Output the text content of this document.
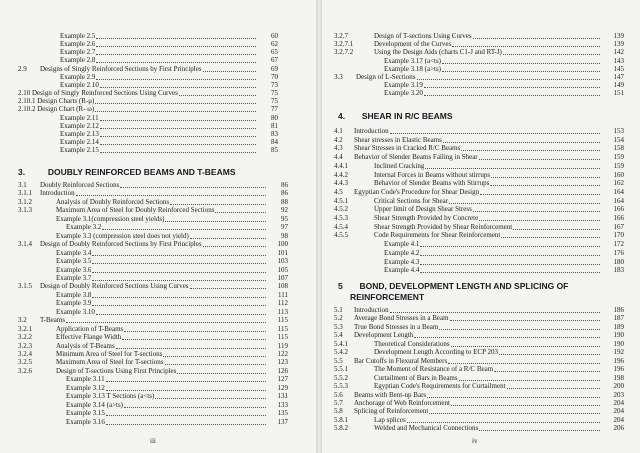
Example 2.5	60
Example 2.6	62
Example 2.7	65
Example 2.8	67
2.9 Designs of Singly Reinforced Sections by First Principles	69
Example 2.9	70
Example 2.10	73
2.10 Design of Singly Reinforced Sections Using Curves	75
2.10.1 Design Charts (R-μ)	75
2.10.2 Design Chart (R- ω)	77
Example 2.11	80
Example 2.12	81
Example 2.13	83
Example 2.14	84
Example 2.15	85
3.	DOUBLY REINFORCED BEAMS AND T-BEAMS
3.1 Doubly Reinforced Sections	86
3.1.1 Introduction	86
3.1.2	Analysis of Doubly Reinforced Sections	88
3.1.3	Maximum Area of Steel for Doubly Reinforced Sections	92
Example 3.1(compression steel yields)	95
Example 3.2	97
Example 3.3 (compression steel does not yield)	98
3.1.4 Design of Doubly Reinforced Sections by First Principles	100
Example 3.4	101
Example 3.5	103
Example 3.6	105
Example 3.7	107
3.1.5 Design of Doubly Reinforced Sections Using Curves	108
Example 3.8	111
Example 3.9	112
Example 3.10	113
3.2 T-Beams	115
3.2.1	Application of T-Beams	115
3.2.2	Effective Flange Width	115
3.2.3	Analysis of T-Beams	119
3.2.4	Minimum Area of Steel for T-sections	122
3.2.5	Maximum Area of Steel for T-sections	123
3.2.6	Design of T-sections Using First Principles	126
Example 3.11	127
Example 3.12	129
Example 3.13 T Sections (a<ts)	131
Example 3.14 (a>ts)	133
Example 3.15	135
Example 3.16	137
iii
3.2.7	Design of T-sections Using Curves	139
3.2.7.1	Development of the Curves	139
3.2.7.2	Using the Design Aids (charts C1-J and RT-J)	142
Example 3.17 (a<ts)	143
Example 3.18 (a>ts)	145
3.3 Design of L-Sections	147
Example 3.19	149
Example 3.20	151
4. SHEAR IN R/C BEAMS
4.1 Introduction	153
4.2 Shear stresses in Elastic Beams	154
4.3 Shear Stresses in Cracked R/C Beams	158
4.4 Behavior of Slender Beams Failing in Shear	159
4.4.1	Inclined Cracking	159
4.4.2	Internal Forces in Beams without stirrups	160
4.4.3	Behavior of Slender Beams with Stirrups	162
4.5 Egyptian Code's Procedure for Shear Design	164
4.5.1	Critical Sections for Shear	164
4.5.2	Upper limit of Design Shear Stress	166
4.5.3	Shear Strength Provided by Concrete	166
4.5.4	Shear Strength Provided by Shear Reinforcement	167
4.5.5	Code Requirements for Shear Reinforcement	170
Example 4.1	172
Example 4.2	176
Example 4.3	180
Example 4.4	183
5 BOND, DEVELOPMENT LENGTH AND SPLICING OF
REINFORCEMENT
5.1 Introduction	186
5.2 Average Bond Stresses in a Beam	187
5.3 True Bond Stresses in a Beam	189
5.4 Development Length	190
5.4.1	Theoretical Considerations	190
5.4.2	Development Length According to ECP 203	192
5.5 Bar Cutoffs in Flexural Members	196
5.5.1	The Moment of Resistance of a R/C Beam	196
5.5.2	Curtailment of Bars in Beams	198
5.5.3	Egyptian Code's Requirements for Curtailment	200
5.6 Beams with Bent-up Bars	203
5.7 Anchorage of Web Reinforcement	204
5.8 Splicing of Reinforcement	204
5.8.1	Lap splices	204
5.8.2	Welded and Mechanical Connections	206
iv
